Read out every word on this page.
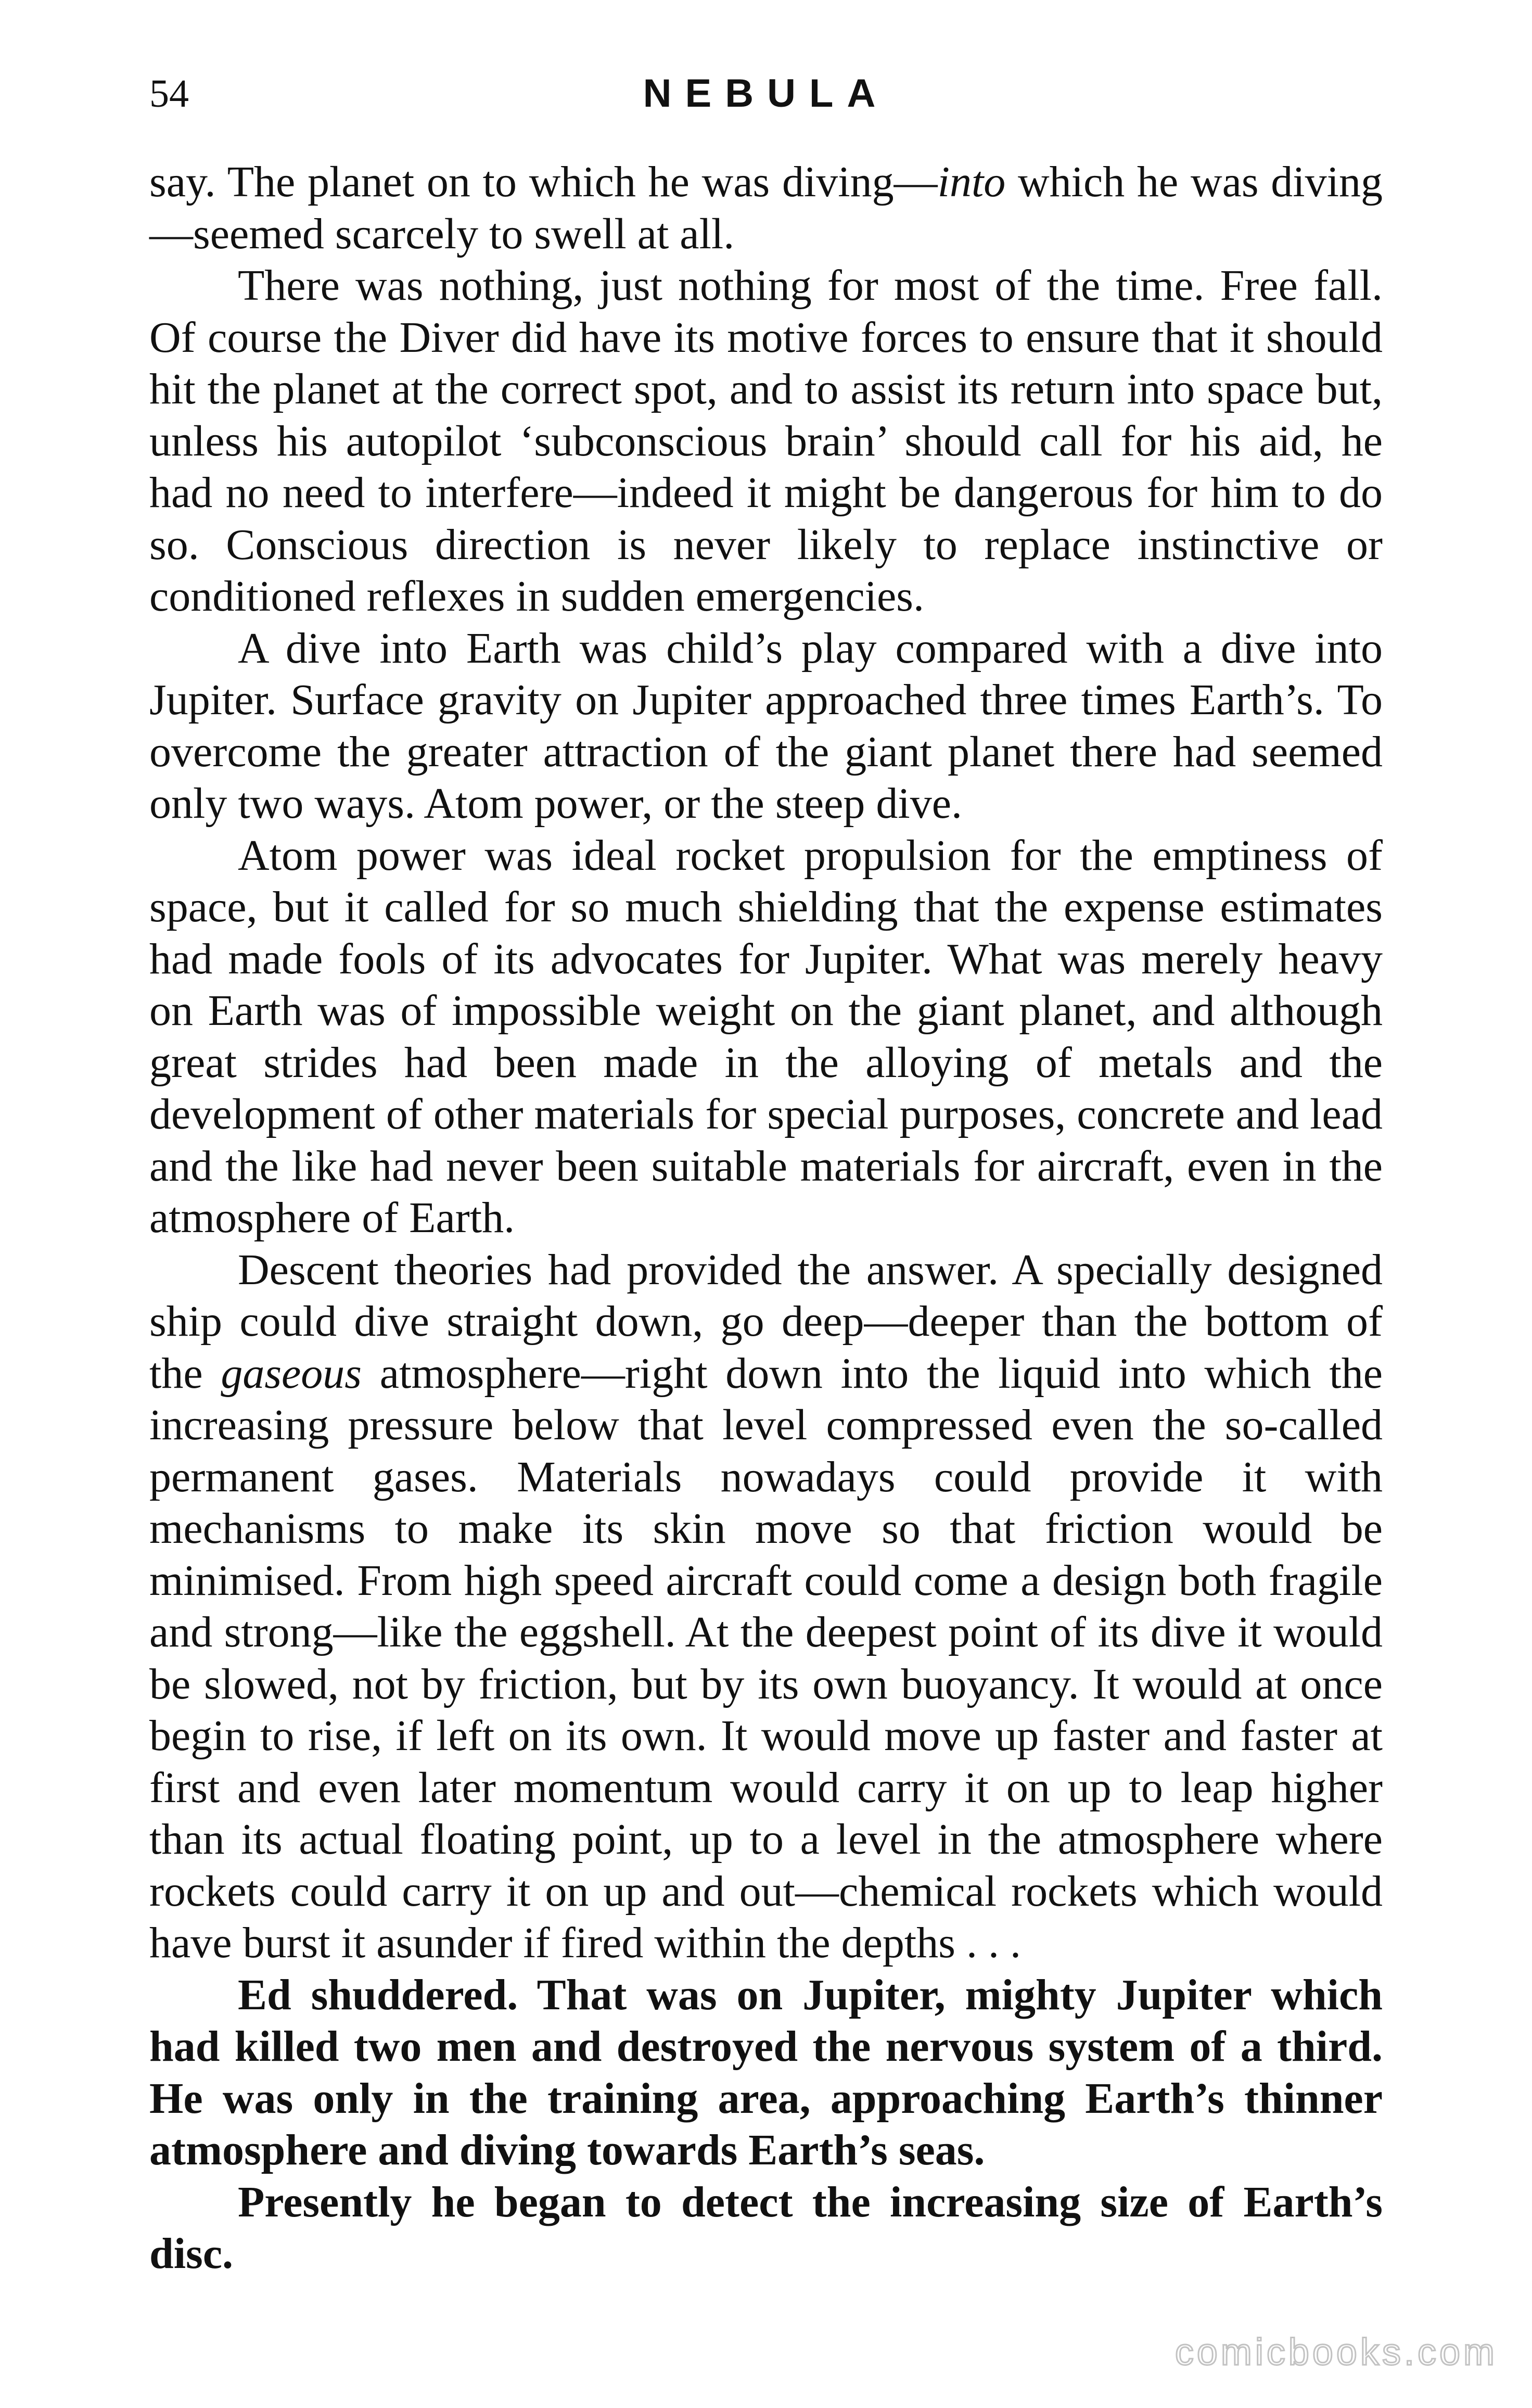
54	NEBULA

say. The planet on to which he was diving—into which he was diving—seemed scarcely to swell at all.

There was nothing, just nothing for most of the time. Free fall. Of course the Diver did have its motive forces to ensure that it should hit the planet at the correct spot, and to assist its return into space but, unless his autopilot ‘subconscious brain’ should call for his aid, he had no need to interfere—indeed it might be dangerous for him to do so. Conscious direction is never likely to replace instinctive or conditioned reflexes in sudden emergencies.

A dive into Earth was child’s play compared with a dive into Jupiter. Surface gravity on Jupiter approached three times Earth’s. To overcome the greater attraction of the giant planet there had seemed only two ways. Atom power, or the steep dive.

Atom power was ideal rocket propulsion for the emptiness of space, but it called for so much shielding that the expense estimates had made fools of its advocates for Jupiter. What was merely heavy on Earth was of impossible weight on the giant planet, and although great strides had been made in the alloying of metals and the development of other materials for special purposes, concrete and lead and the like had never been suitable materials for aircraft, even in the atmosphere of Earth.

Descent theories had provided the answer. A specially designed ship could dive straight down, go deep—deeper than the bottom of the gaseous atmosphere—right down into the liquid into which the increasing pressure below that level compressed even the so-called permanent gases. Materials nowadays could provide it with mechanisms to make its skin move so that friction would be minimised. From high speed aircraft could come a design both fragile and strong—like the eggshell. At the deepest point of its dive it would be slowed, not by friction, but by its own buoyancy. It would at once begin to rise, if left on its own. It would move up faster and faster at first and even later momentum would carry it on up to leap higher than its actual floating point, up to a level in the atmosphere where rockets could carry it on up and out—chemical rockets which would have burst it asunder if fired within the depths . . .

Ed shuddered. That was on Jupiter, mighty Jupiter which had killed two men and destroyed the nervous system of a third. He was only in the training area, approaching Earth’s thinner atmosphere and diving towards Earth’s seas.

Presently he began to detect the increasing size of Earth’s disc.

comicbooks.com
